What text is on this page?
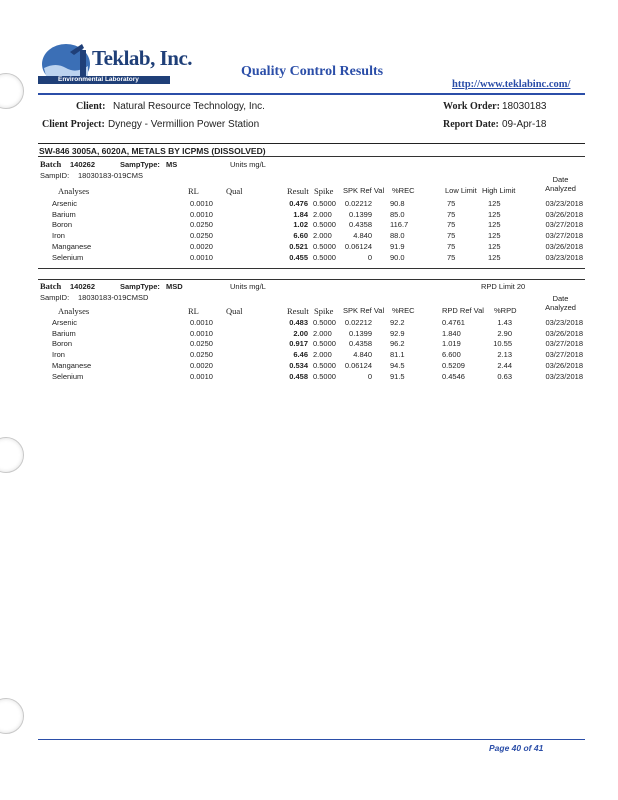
Teklab, Inc.
Environmental Laboratory
Quality Control Results
http://www.teklabinc.com/
Client: Natural Resource Technology, Inc.
Client Project: Dynegy - Vermillion Power Station
Work Order: 18030183
Report Date: 09-Apr-18
SW-846 3005A, 6020A, METALS BY ICPMS (DISSOLVED)
Batch 140262	SampType: MS	Units mg/L
SampID: 18030183-019CMS	Date
Analyzed
Analyses	RL	Qual	Result Spike SPK Ref Val %REC	Low Limit High Limit
Arsenic	0.0010	0.476 0.5000	0.02212 90.8	75	125	03/23/2018
Barium	0.0010	1.84 2.000	0.1399 85.0	75	125	03/26/2018
Boron	0.0250	1.02 0.5000	0.4358 116.7	75	125	03/27/2018
Iron	0.0250	6.60 2.000	4.840 88.0	75	125	03/27/2018
Manganese	0.0020	0.521 0.5000	0.06124 91.9	75	125	03/26/2018
Selenium	0.0010	0.455 0.5000	0 90.0	75	125	03/23/2018
Batch 140262	SampType: MSD	Units mg/L	RPD Limit 20
SampID: 18030183-019CMSD	Date
Analyzed
Analyses	RL	Qual	Result Spike SPK Ref Val %REC	RPD Ref Val %RPD
Arsenic	0.0010	0.483 0.5000	0.02212 92.2	0.4761	1.43	03/23/2018
Barium	0.0010	2.00 2.000	0.1399 92.9	1.840	2.90	03/26/2018
Boron	0.0250	0.917 0.5000	0.4358 96.2	1.019	10.55	03/27/2018
Iron	0.0250	6.46 2.000	4.840 81.1	6.600	2.13	03/27/2018
Manganese	0.0020	0.534 0.5000	0.06124 94.5	0.5209	2.44	03/26/2018
Selenium	0.0010	0.458 0.5000	0 91.5	0.4546	0.63	03/23/2018
Page 40 of 41
